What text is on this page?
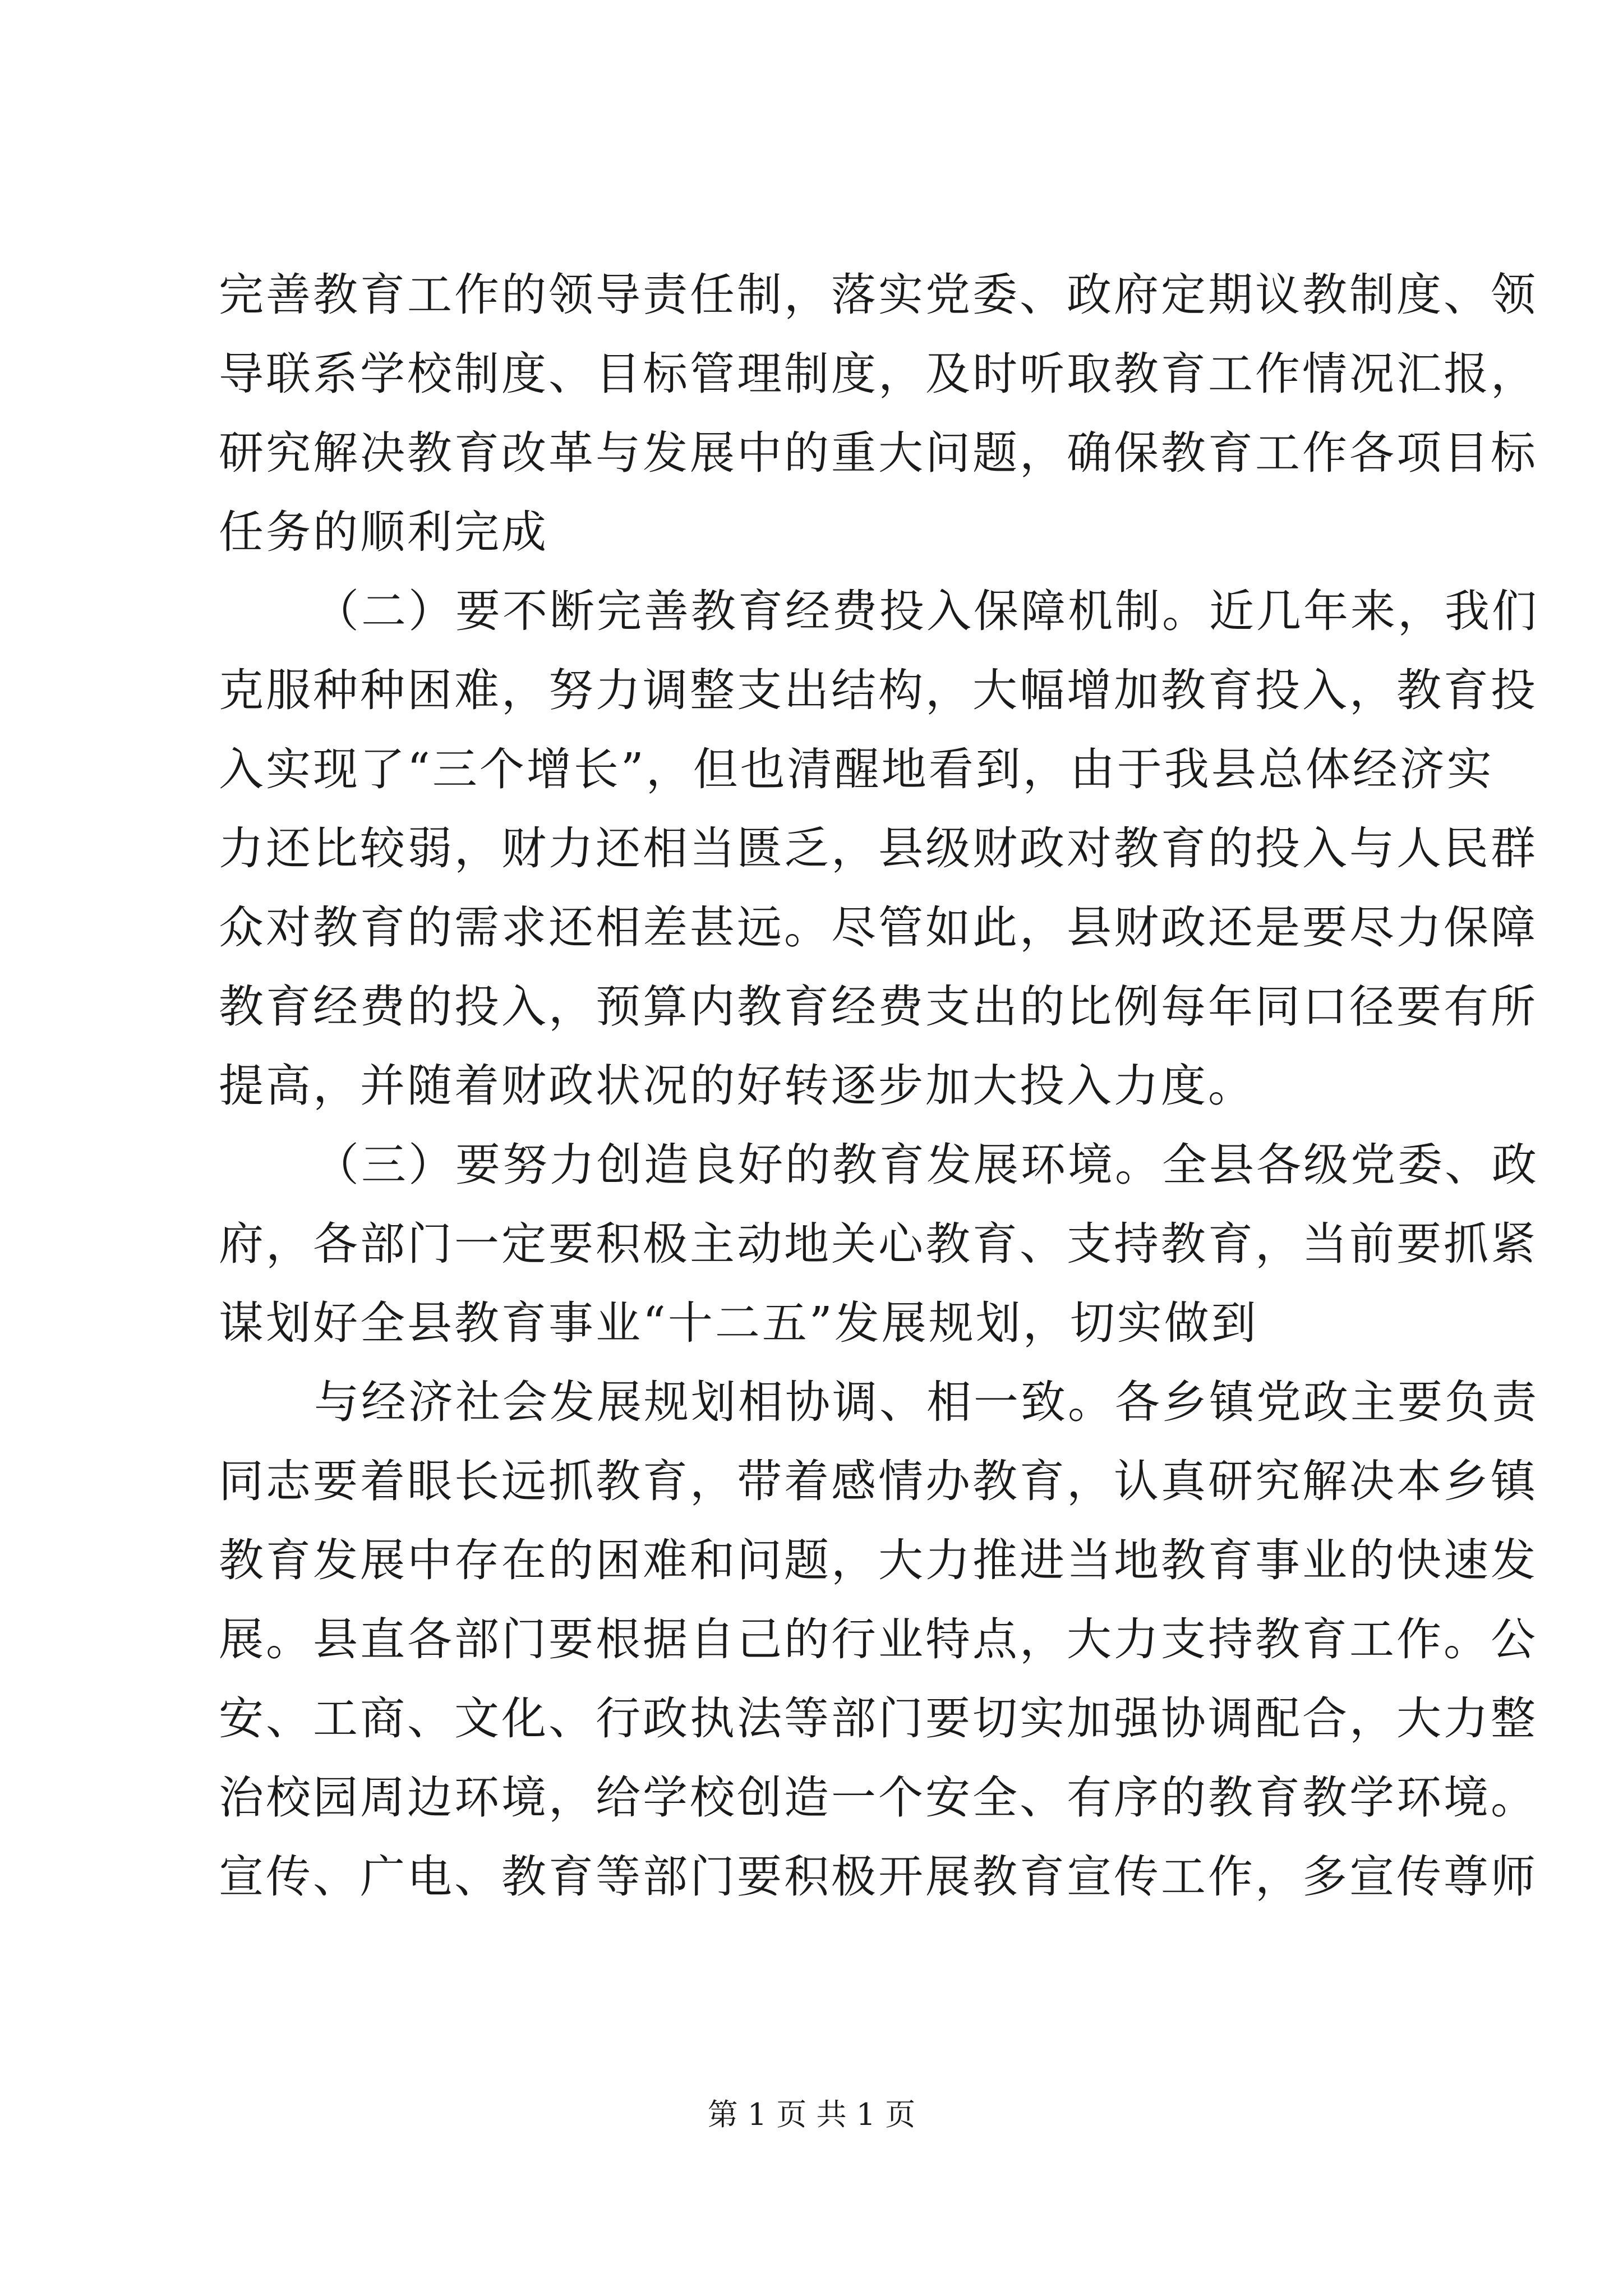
完善教育工作的领导责任制，落实党委、政府定期议教制度、领
导联系学校制度、目标管理制度，及时听取教育工作情况汇报，
研究解决教育改革与发展中的重大问题，确保教育工作各项目标
任务的顺利完成
（二）要不断完善教育经费投入保障机制。近几年来，我们
克服种种困难，努力调整支出结构，大幅增加教育投入，教育投
入实现了“三个增长”，但也清醒地看到，由于我县总体经济实
力还比较弱，财力还相当匮乏，县级财政对教育的投入与人民群
众对教育的需求还相差甚远。尽管如此，县财政还是要尽力保障
教育经费的投入，预算内教育经费支出的比例每年同口径要有所
提高，并随着财政状况的好转逐步加大投入力度。
（三）要努力创造良好的教育发展环境。全县各级党委、政
府，各部门一定要积极主动地关心教育、支持教育，当前要抓紧
谋划好全县教育事业“十二五”发展规划，切实做到
与经济社会发展规划相协调、相一致。各乡镇党政主要负责
同志要着眼长远抓教育，带着感情办教育，认真研究解决本乡镇
教育发展中存在的困难和问题，大力推进当地教育事业的快速发
展。县直各部门要根据自己的行业特点，大力支持教育工作。公
安、工商、文化、行政执法等部门要切实加强协调配合，大力整
治校园周边环境，给学校创造一个安全、有序的教育教学环境。
宣传、广电、教育等部门要积极开展教育宣传工作，多宣传尊师
第 1 页 共 1 页
